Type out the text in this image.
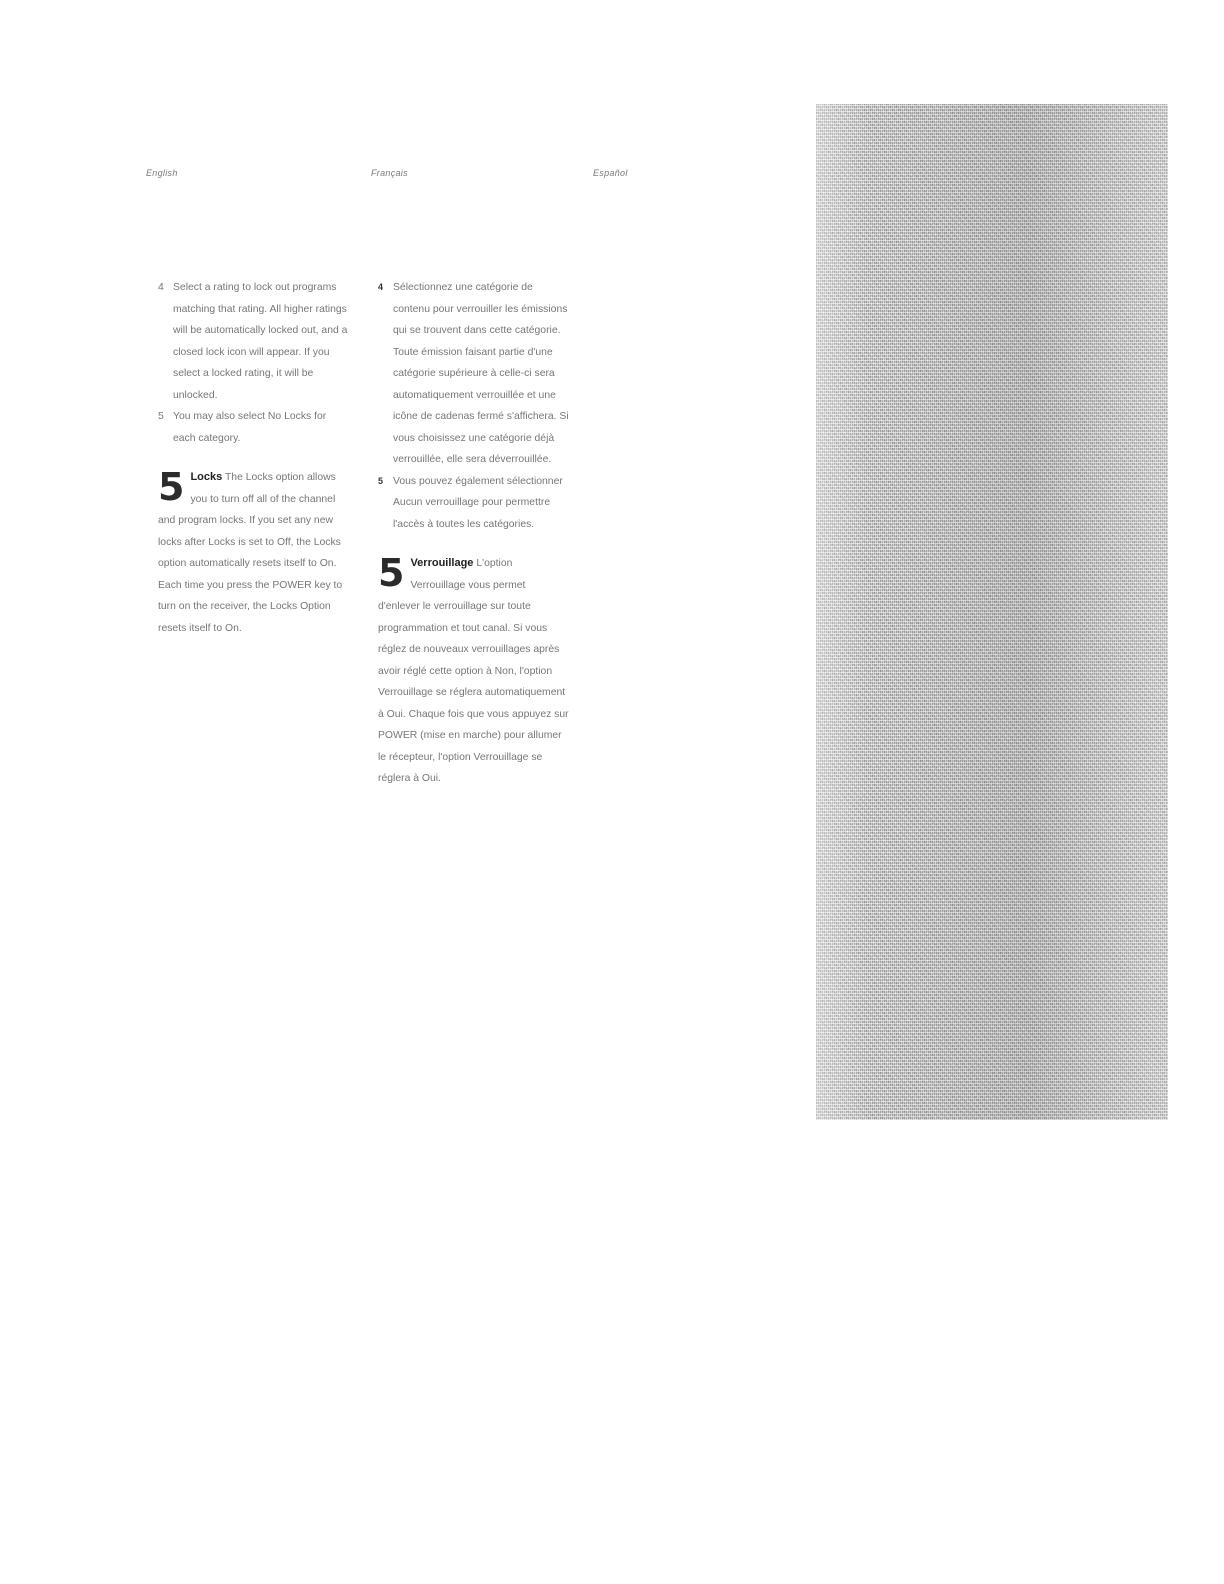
English	Français	Español

4 Select a rating to lock out programs matching that rating. All higher ratings will be automatically locked out, and a closed lock icon will appear. If you select a locked rating, it will be unlocked.

5 You may also select No Locks for each category.

5 Locks The Locks option allows you to turn off all of the channel and program locks. If you set any new locks after Locks is set to Off, the Locks option automatically resets itself to On. Each time you press the POWER key to turn on the receiver, the Locks Option resets itself to On.

4 Sélectionnez une catégorie de contenu pour verrouiller les émissions qui se trouvent dans cette catégorie. Toute émission faisant partie d'une catégorie supérieure à celle-ci sera automatiquement verrouillée et une icône de cadenas fermé s'affichera. Si vous choisissez une catégorie déjà verrouillée, elle sera déverrouillée.

5 Vous pouvez également sélectionner Aucun verrouillage pour permettre l'accès à toutes les catégories.

5 Verrouillage L'option Verrouillage vous permet d'enlever le verrouillage sur toute programmation et tout canal. Si vous réglez de nouveaux verrouillages après avoir réglé cette option à Non, l'option Verrouillage se réglera automatiquement à Oui. Chaque fois que vous appuyez sur POWER (mise en marche) pour allumer le récepteur, l'option Verrouillage se réglera à Oui.
